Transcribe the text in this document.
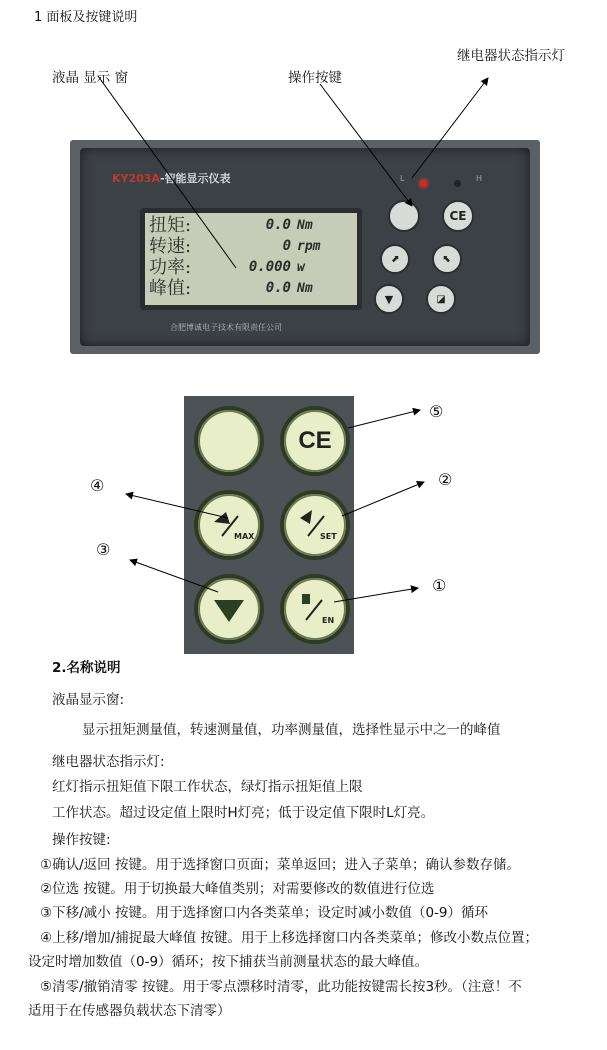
1 面板及按键说明
液晶 显示 窗	操作按键
继电器状态指示灯
KY203A-智能显示仪表
扭矩:	0.0 Nm
转速:	0 rpm
功率:	0.000 w
峰值:	0.0 Nm
L	H
CE
⬈	⬉
▼	◪
合肥博诚电子技术有限责任公司
CE
MAX	SET
EN
⑤
②
④
③
①
2.名称说明
液晶显示窗:
显示扭矩测量值，转速测量值，功率测量值，选择性显示中之一的峰值
继电器状态指示灯:
红灯指示扭矩值下限工作状态，绿灯指示扭矩值上限
工作状态。超过设定值上限时H灯亮；低于设定值下限时L灯亮。
操作按键:
①确认/返回 按键。用于选择窗口页面；菜单返回；进入子菜单；确认参数存储。
②位选 按键。用于切换最大峰值类别；对需要修改的数值进行位选
③下移/减小 按键。用于选择窗口内各类菜单；设定时减小数值（0-9）循环
④上移/增加/捕捉最大峰值 按键。用于上移选择窗口内各类菜单；修改小数点位置；
设定时增加数值（0-9）循环；按下捕获当前测量状态的最大峰值。
⑤清零/撤销清零 按键。用于零点漂移时清零，此功能按键需长按3秒。（注意！不
适用于在传感器负载状态下清零）
